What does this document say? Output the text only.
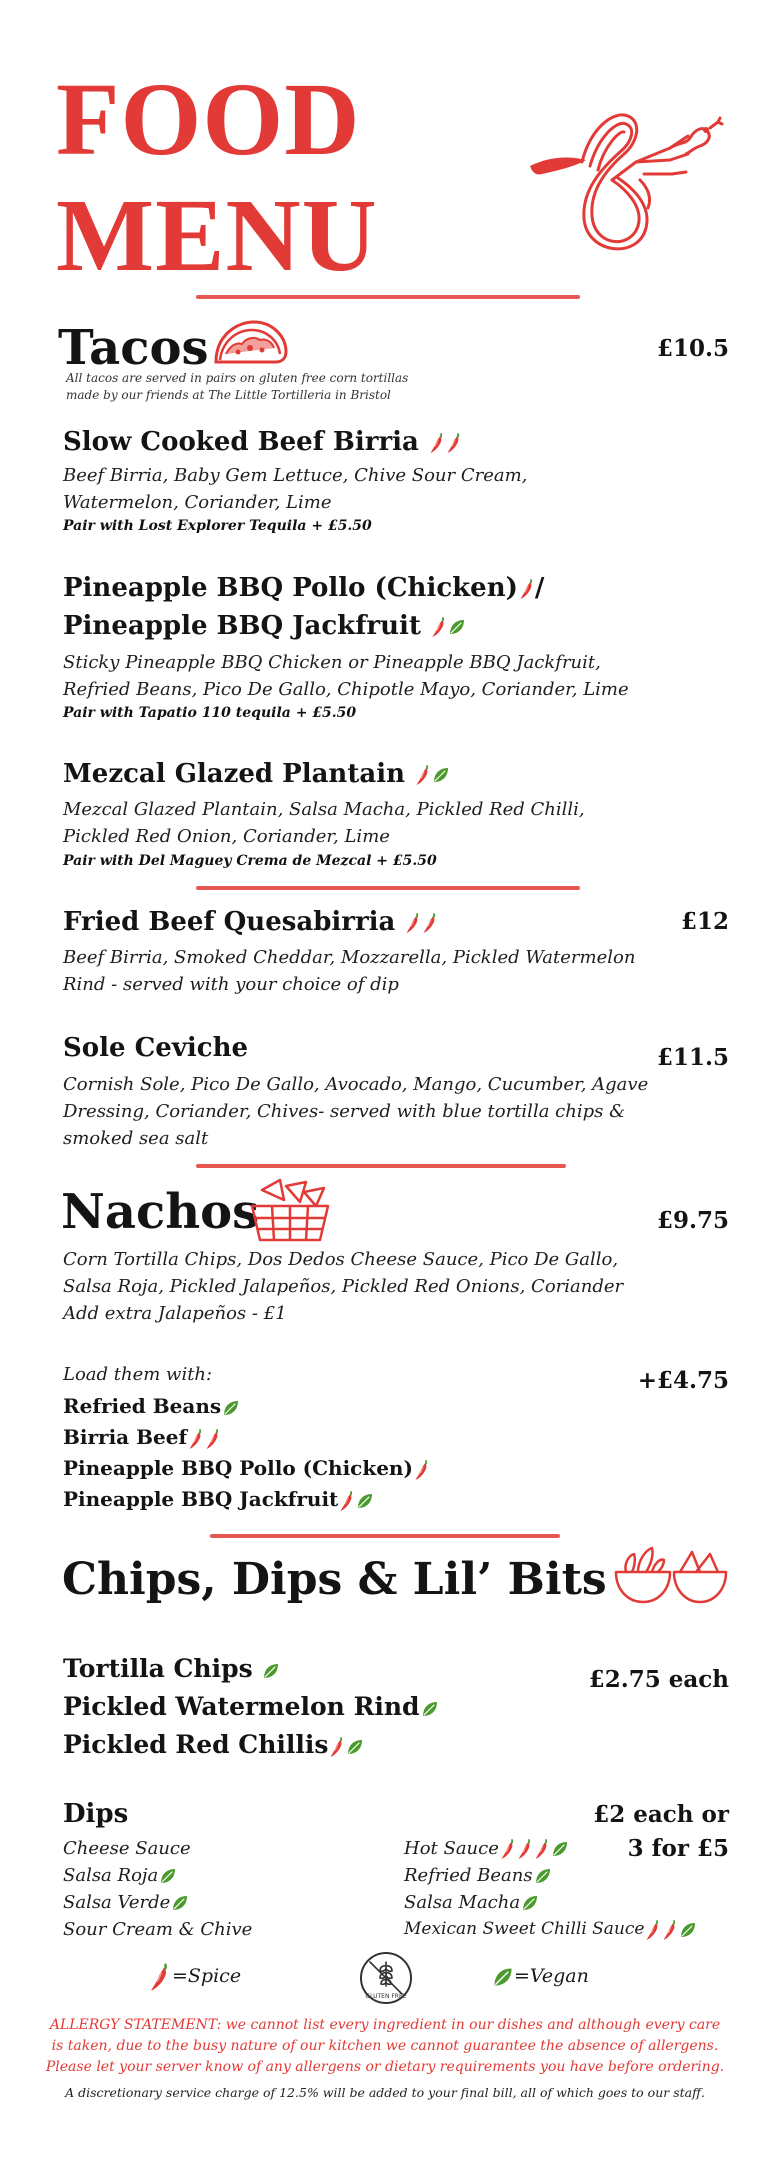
FOOD
MENU
Tacos	£10.5
All tacos are served in pairs on gluten free corn tortillas
made by our friends at The Little Tortilleria in Bristol
Slow Cooked Beef Birria
Beef Birria, Baby Gem Lettuce, Chive Sour Cream,
Watermelon, Coriander, Lime
Pair with Lost Explorer Tequila + £5.50
Pineapple BBQ Pollo (Chicken) /
Pineapple BBQ Jackfruit
Sticky Pineapple BBQ Chicken or Pineapple BBQ Jackfruit,
Refried Beans, Pico De Gallo, Chipotle Mayo, Coriander, Lime
Pair with Tapatio 110 tequila + £5.50
Mezcal Glazed Plantain
Mezcal Glazed Plantain, Salsa Macha, Pickled Red Chilli,
Pickled Red Onion, Coriander, Lime
Pair with Del Maguey Crema de Mezcal + £5.50
Fried Beef Quesabirria	£12
Beef Birria, Smoked Cheddar, Mozzarella, Pickled Watermelon
Rind - served with your choice of dip
Sole Ceviche	£11.5
Cornish Sole, Pico De Gallo, Avocado, Mango, Cucumber, Agave
Dressing, Coriander, Chives- served with blue tortilla chips &
smoked sea salt
Nachos	£9.75
Corn Tortilla Chips, Dos Dedos Cheese Sauce, Pico De Gallo,
Salsa Roja, Pickled Jalapeños, Pickled Red Onions, Coriander
Add extra Jalapeños - £1
Load them with:	+£4.75
Refried Beans
Birria Beef
Pineapple BBQ Pollo (Chicken)
Pineapple BBQ Jackfruit
Chips, Dips & Lil’ Bits
Tortilla Chips
Pickled Watermelon Rind
Pickled Red Chillis
£2.75 each
Dips	£2 each or
3 for £5
Cheese Sauce
Salsa Roja
Salsa Verde
Sour Cream & Chive
Hot Sauce
Refried Beans
Salsa Macha
Mexican Sweet Chilli Sauce
=Spice
GLUTEN FREE
=Vegan
ALLERGY STATEMENT: we cannot list every ingredient in our dishes and although every care
is taken, due to the busy nature of our kitchen we cannot guarantee the absence of allergens.
Please let your server know of any allergens or dietary requirements you have before ordering.
A discretionary service charge of 12.5% will be added to your final bill, all of which goes to our staff.
